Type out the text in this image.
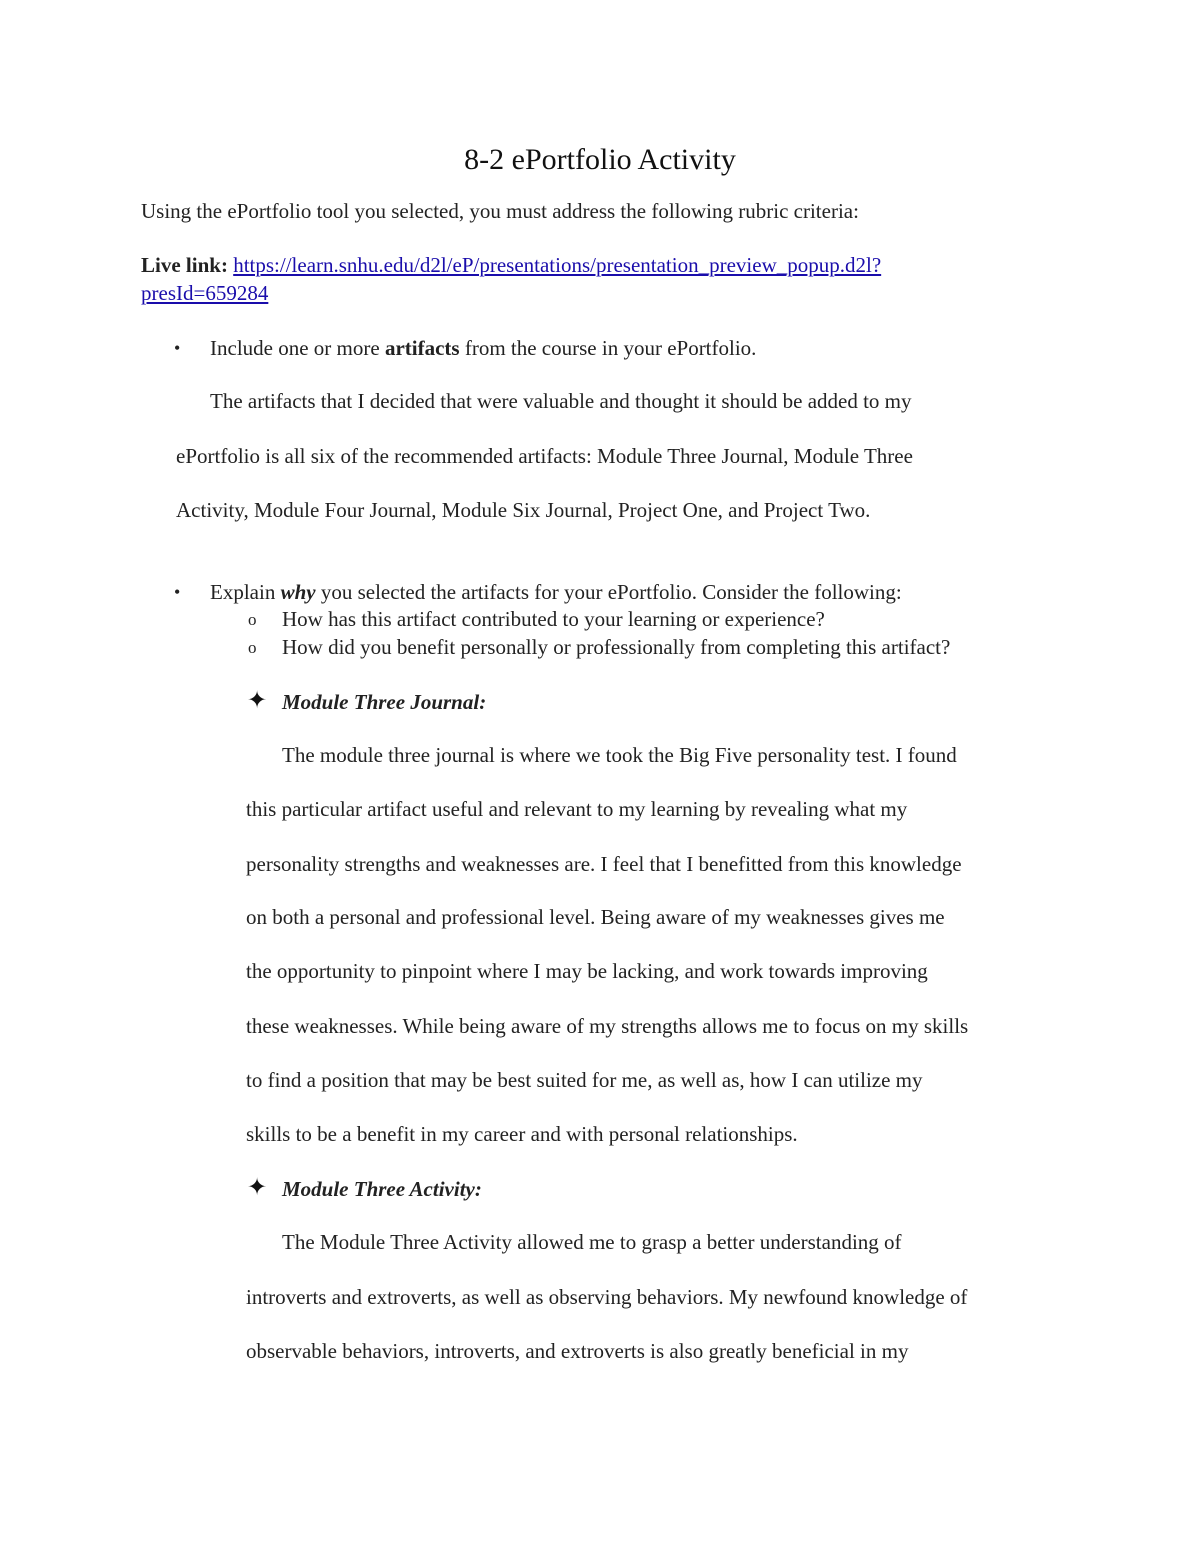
8-2 ePortfolio Activity
Using the ePortfolio tool you selected, you must address the following rubric criteria:
Live link: https://learn.snhu.edu/d2l/eP/presentations/presentation_preview_popup.d2l?
presId=659284
• Include one or more artifacts from the course in your ePortfolio.
The artifacts that I decided that were valuable and thought it should be added to my
ePortfolio is all six of the recommended artifacts: Module Three Journal, Module Three
Activity, Module Four Journal, Module Six Journal, Project One, and Project Two.
• Explain why you selected the artifacts for your ePortfolio. Consider the following:
o How has this artifact contributed to your learning or experience?
o How did you benefit personally or professionally from completing this artifact?
✦ Module Three Journal:
The module three journal is where we took the Big Five personality test. I found
this particular artifact useful and relevant to my learning by revealing what my
personality strengths and weaknesses are. I feel that I benefitted from this knowledge
on both a personal and professional level. Being aware of my weaknesses gives me
the opportunity to pinpoint where I may be lacking, and work towards improving
these weaknesses. While being aware of my strengths allows me to focus on my skills
to find a position that may be best suited for me, as well as, how I can utilize my
skills to be a benefit in my career and with personal relationships.
✦ Module Three Activity:
The Module Three Activity allowed me to grasp a better understanding of
introverts and extroverts, as well as observing behaviors. My newfound knowledge of
observable behaviors, introverts, and extroverts is also greatly beneficial in my
